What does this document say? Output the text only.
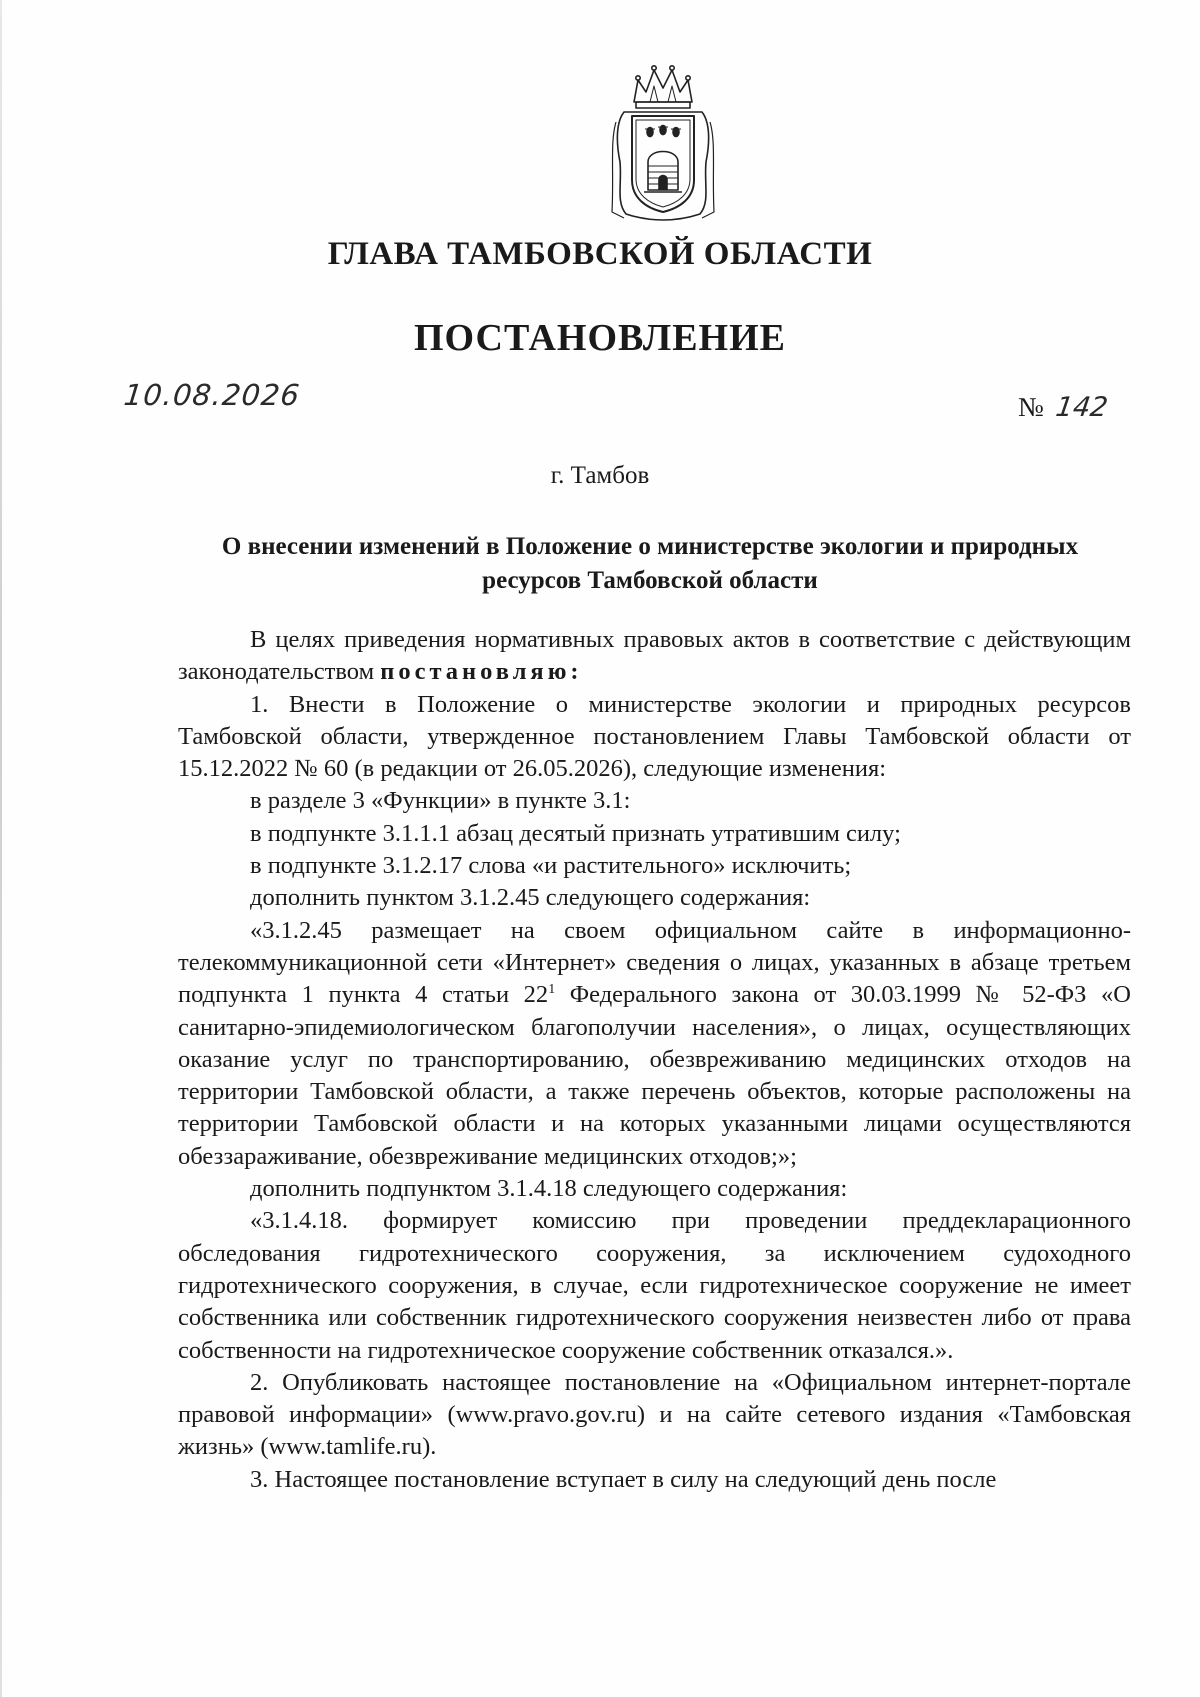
ГЛАВА ТАМБОВСКОЙ ОБЛАСТИ
ПОСТАНОВЛЕНИЕ
10.08.2026	№ 142
г. Тамбов
О внесении изменений в Положение о министерстве экологии и природных ресурсов Тамбовской области

В целях приведения нормативных правовых актов в соответствие с действующим законодательством постановляю:

1. Внести в Положение о министерстве экологии и природных ресурсов Тамбовской области, утвержденное постановлением Главы Тамбовской области от 15.12.2022 № 60 (в редакции от 26.05.2026), следующие изменения:

в разделе 3 «Функции» в пункте 3.1:

в подпункте 3.1.1.1 абзац десятый признать утратившим силу;

в подпункте 3.1.2.17 слова «и растительного» исключить;

дополнить пунктом 3.1.2.45 следующего содержания:

«3.1.2.45 размещает на своем официальном сайте в информационно-телекоммуникационной сети «Интернет» сведения о лицах, указанных в абзаце третьем подпункта 1 пункта 4 статьи $22^1$ Федерального закона от 30.03.1999 № 52-ФЗ «О санитарно-эпидемиологическом благополучии населения», о лицах, осуществляющих оказание услуг по транспортированию, обезвреживанию медицинских отходов на территории Тамбовской области, а также перечень объектов, которые расположены на территории Тамбовской области и на которых указанными лицами осуществляются обеззараживание, обезвреживание медицинских отходов;»;

дополнить подпунктом 3.1.4.18 следующего содержания:

«3.1.4.18. формирует комиссию при проведении преддекларационного обследования гидротехнического сооружения, за исключением судоходного гидротехнического сооружения, в случае, если гидротехническое сооружение не имеет собственника или собственник гидротехнического сооружения неизвестен либо от права собственности на гидротехническое сооружение собственник отказался.».

2. Опубликовать настоящее постановление на «Официальном интернет-портале правовой информации» (www.pravo.gov.ru) и на сайте сетевого издания «Тамбовская жизнь» (www.tamlife.ru).

3. Настоящее постановление вступает в силу на следующий день после
